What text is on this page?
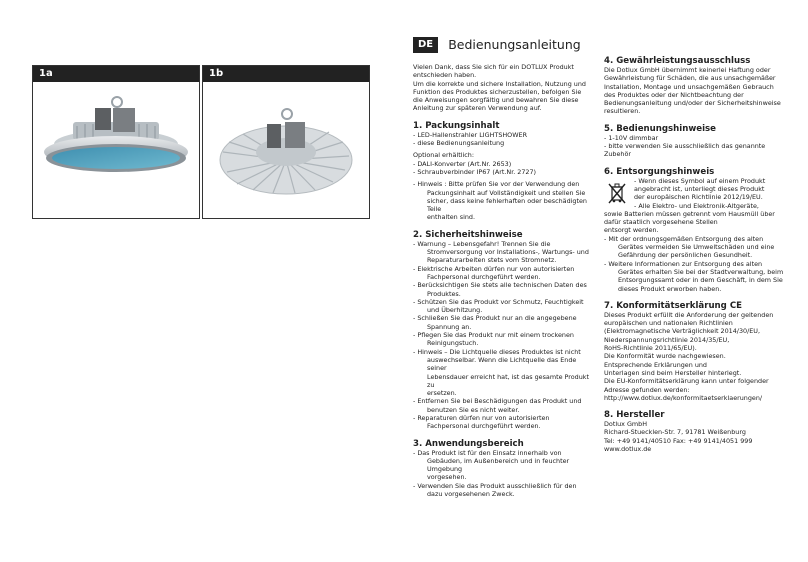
1a	1b
DE Bedienungsanleitung

Vielen Dank, dass Sie sich für ein DOTLUX Produkt

entschieden haben.

Um die korrekte und sichere Installation, Nutzung und

Funktion des Produktes sicherzustellen, befolgen Sie

die Anweisungen sorgfältig und bewahren Sie diese

Anleitung zur späteren Verwendung auf.

1. Packungsinhalt

- LED-Hallenstrahler LIGHTSHOWER

- diese Bedienungsanleitung

Optional erhältlich:

- DALI-Konverter (Art.Nr. 2653)

- Schraubverbinder IP67 (Art.Nr. 2727)

- Hinweis : Bitte prüfen Sie vor der Verwendung den

Packungsinhalt auf Vollständigkeit und stellen Sie

sicher, dass keine fehlerhaften oder beschädigten Teile

enthalten sind.

2. Sicherheitshinweise

- Warnung – Lebensgefahr! Trennen Sie die

Stromversorgung vor Installations-, Wartungs- und

Reparaturarbeiten stets vom Stromnetz.

- Elektrische Arbeiten dürfen nur von autorisierten

Fachpersonal durchgeführt werden.

- Berücksichtigen Sie stets alle technischen Daten des

Produktes.

- Schützen Sie das Produkt vor Schmutz, Feuchtigkeit

und Überhitzung.

- Schließen Sie das Produkt nur an die angegebene

Spannung an.

- Pflegen Sie das Produkt nur mit einem trockenen

Reinigungstuch.

- Hinweis – Die Lichtquelle dieses Produktes ist nicht

auswechselbar. Wenn die Lichtquelle das Ende seiner

Lebensdauer erreicht hat, ist das gesamte Produkt zu

ersetzen.

- Entfernen Sie bei Beschädigungen das Produkt und

benutzen Sie es nicht weiter.

- Reparaturen dürfen nur von autorisierten

Fachpersonal durchgeführt werden.

3. Anwendungsbereich

- Das Produkt ist für den Einsatz innerhalb von

Gebäuden, im Außenbereich und in feuchter Umgebung

vorgesehen.

- Verwenden Sie das Produkt ausschließlich für den

dazu vorgesehenen Zweck.

4. Gewährleistungsausschluss

Die Dotlux GmbH übernimmt keinerlei Haftung oder

Gewährleistung für Schäden, die aus unsachgemäßer

Installation, Montage und unsachgemäßen Gebrauch

des Produktes oder der Nichtbeachtung der

Bedienungsanleitung und/oder der Sicherheitshinweise

resultieren.

5. Bedienungshinweise

- 1-10V dimmbar

- bitte verwenden Sie ausschließlich das genannte Zubehör

6. Entsorgungshinweis

- Wenn dieses Symbol auf einem Produkt

angebracht ist, unterliegt dieses Produkt

der europäischen Richtlinie 2012/19/EU.

- Alle Elektro- und Elektronik-Altgeräte,

sowie Batterien müssen getrennt vom Hausmüll über

dafür staatlich vorgesehene Stellen

entsorgt werden.

- Mit der ordnungsgemäßen Entsorgung des alten

Gerätes vermeiden Sie Umweltschäden und eine

Gefährdung der persönlichen Gesundheit.

- Weitere Informationen zur Entsorgung des alten

Gerätes erhalten Sie bei der Stadtverwaltung, beim

Entsorgungssamt oder in dem Geschäft, in dem Sie

dieses Produkt erworben haben.

7. Konformitätserklärung CE

Dieses Produkt erfüllt die Anforderung der geltenden

europäischen und nationalen Richtlinien

(Elektromagnetische Verträglichkeit 2014/30/EU,

Niederspannungsrichtlinie 2014/35/EU,

RoHS-Richtlinie 2011/65/EU).

Die Konformität wurde nachgewiesen.

Entsprechende Erklärungen und

Unterlagen sind beim Hersteller hinterlegt.

Die EU-Konformitätserklärung kann unter folgender

Adresse gefunden werden:

http://www.dotlux.de/konformitaetserklaerungen/

8. Hersteller

Dotlux GmbH

Richard-Stuecklen-Str. 7, 91781 Weißenburg

Tel: +49 9141/40510 Fax: +49 9141/4051 999

www.dotlux.de
